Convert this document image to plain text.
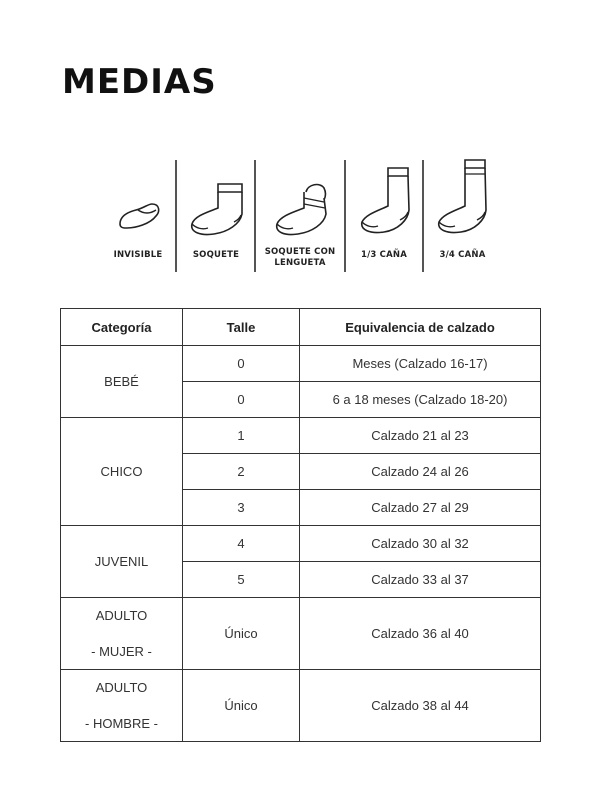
MEDIAS
INVISIBLE	SOQUETE	SOQUETE CON
LENGUETA
1/3 CAÑA	3/4 CAÑA
Categoría	Talle	Equivalencia de calzado

BEBÉ	0	Meses (Calzado 16-17)
	0	6 a 18 meses (Calzado 18-20)

CHICO	1	Calzado 21 al 23
	2	Calzado 24 al 26
	3	Calzado 27 al 29

JUVENIL	4	Calzado 30 al 32
	5	Calzado 33 al 37

ADULTO
- MUJER -	Único	Calzado 36 al 40

ADULTO
- HOMBRE -	Único	Calzado 38 al 44
